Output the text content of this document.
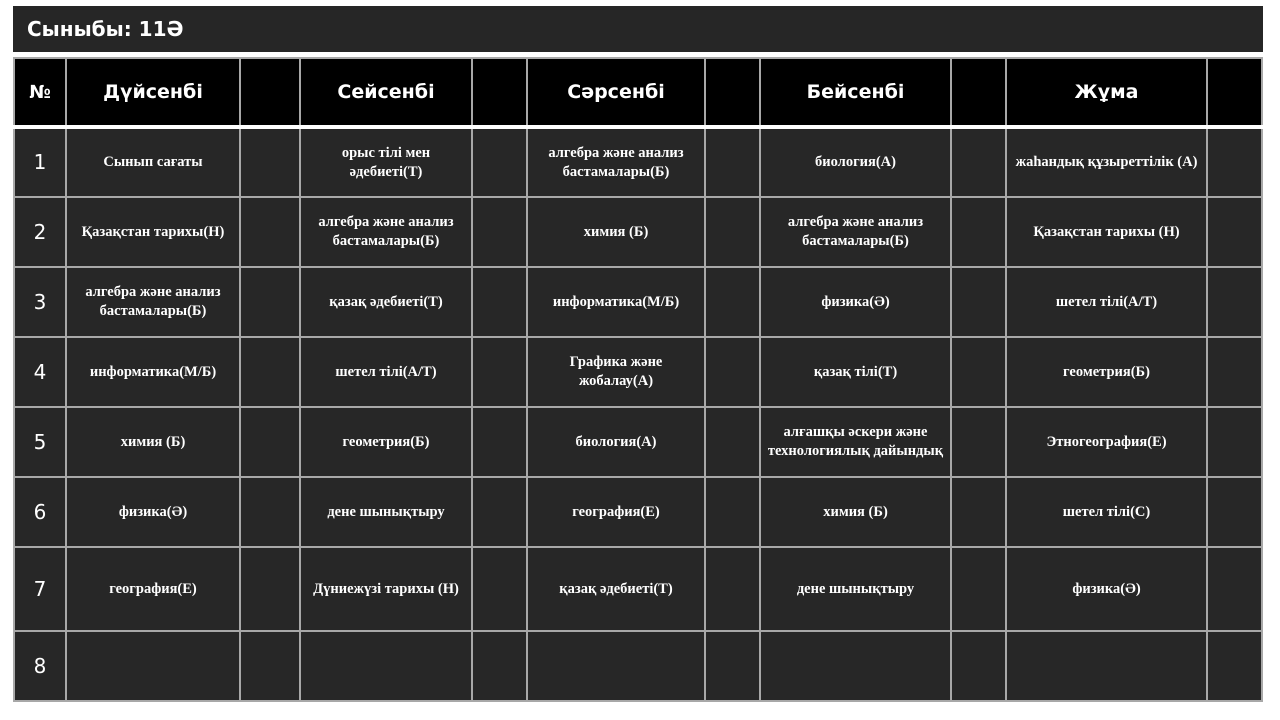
Сыныбы: 11Ә
№	Дүйсенбі		Сейсенбі		Сәрсенбі		Бейсенбі		Жұма	
1	Сынып сағаты		орыс тілі мен әдебиеті(Т)		алгебра және анализ бастамалары(Б)		биология(А)		жаһандық құзыреттілік (А)	
2	Қазақстан тарихы(Н)		алгебра және анализ бастамалары(Б)		химия (Б)		алгебра және анализ бастамалары(Б)		Қазақстан тарихы (Н)	
3	алгебра және анализ бастамалары(Б)		қазақ әдебиеті(Т)		информатика(М/Б)		физика(Ә)		шетел тілі(А/Т)	
4	информатика(М/Б)		шетел тілі(А/Т)		Графика және жобалау(А)		қазақ тілі(Т)		геометрия(Б)	
5	химия (Б)		геометрия(Б)		биология(А)		алғашқы әскери және технологиялық дайындық		Этногеография(Е)	
6	физика(Ә)		дене шынықтыру		география(Е)		химия (Б)		шетел тілі(С)	
7	география(Е)		Дүниежүзі тарихы (Н)		қазақ әдебиеті(Т)		дене шынықтыру		физика(Ә)	
8										
